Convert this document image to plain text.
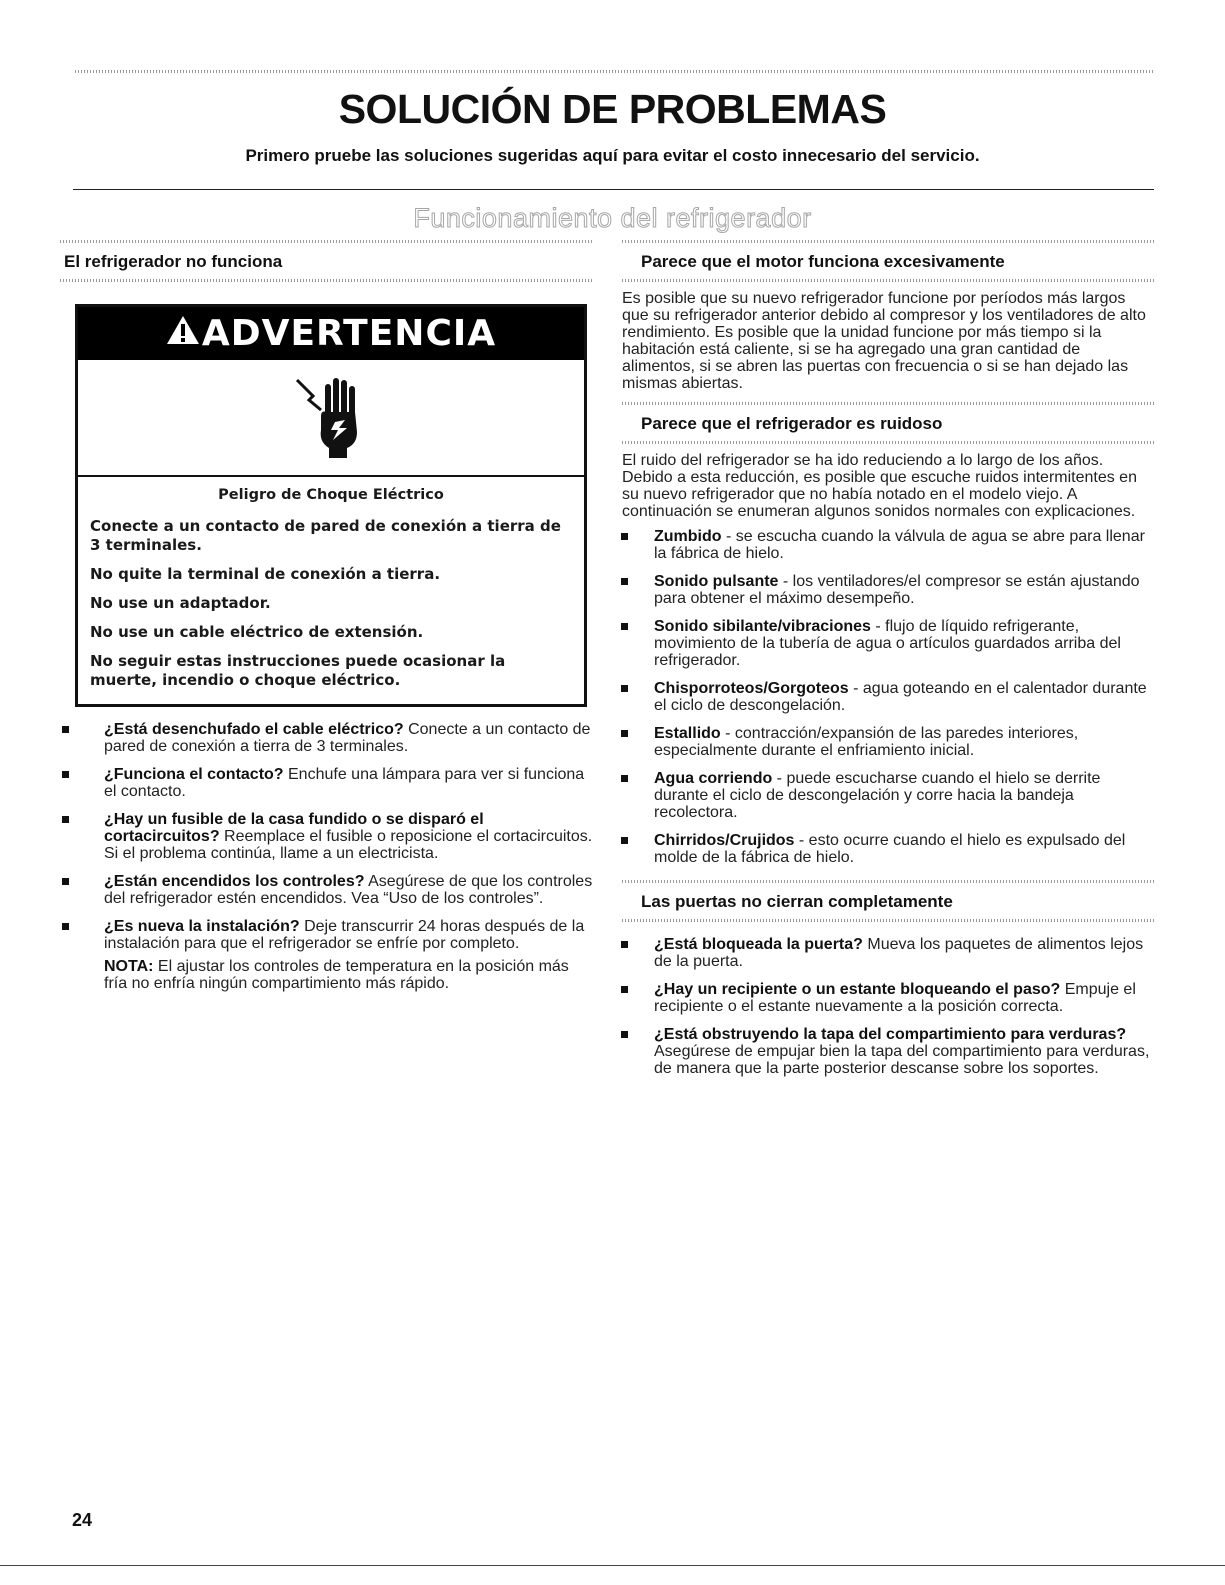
SOLUCIÓN DE PROBLEMAS
Primero pruebe las soluciones sugeridas aquí para evitar el costo innecesario del servicio.
Funcionamiento del refrigerador
El refrigerador no funciona
ADVERTENCIA
Peligro de Choque Eléctrico
Conecte a un contacto de pared de conexión a tierra de 3 terminales.
No quite la terminal de conexión a tierra.
No use un adaptador.
No use un cable eléctrico de extensión.
No seguir estas instrucciones puede ocasionar la muerte, incendio o choque eléctrico.
¿Está desenchufado el cable eléctrico? Conecte a un contacto de pared de conexión a tierra de 3 terminales.
¿Funciona el contacto? Enchufe una lámpara para ver si funciona el contacto.
¿Hay un fusible de la casa fundido o se disparó el cortacircuitos? Reemplace el fusible o reposicione el cortacircuitos. Si el problema continúa, llame a un electricista.
¿Están encendidos los controles? Asegúrese de que los controles del refrigerador estén encendidos. Vea “Uso de los controles”.
¿Es nueva la instalación? Deje transcurrir 24 horas después de la instalación para que el refrigerador se enfríe por completo.
NOTA: El ajustar los controles de temperatura en la posición más fría no enfría ningún compartimiento más rápido.
Parece que el motor funciona excesivamente
Es posible que su nuevo refrigerador funcione por períodos más largos que su refrigerador anterior debido al compresor y los ventiladores de alto rendimiento. Es posible que la unidad funcione por más tiempo si la habitación está caliente, si se ha agregado una gran cantidad de alimentos, si se abren las puertas con frecuencia o si se han dejado las mismas abiertas.
Parece que el refrigerador es ruidoso
El ruido del refrigerador se ha ido reduciendo a lo largo de los años. Debido a esta reducción, es posible que escuche ruidos intermitentes en su nuevo refrigerador que no había notado en el modelo viejo. A continuación se enumeran algunos sonidos normales con explicaciones.
Zumbido - se escucha cuando la válvula de agua se abre para llenar la fábrica de hielo.
Sonido pulsante - los ventiladores/el compresor se están ajustando para obtener el máximo desempeño.
Sonido sibilante/vibraciones - flujo de líquido refrigerante, movimiento de la tubería de agua o artículos guardados arriba del refrigerador.
Chisporroteos/Gorgoteos - agua goteando en el calentador durante el ciclo de descongelación.
Estallido - contracción/expansión de las paredes interiores, especialmente durante el enfriamiento inicial.
Agua corriendo - puede escucharse cuando el hielo se derrite durante el ciclo de descongelación y corre hacia la bandeja recolectora.
Chirridos/Crujidos - esto ocurre cuando el hielo es expulsado del molde de la fábrica de hielo.
Las puertas no cierran completamente
¿Está bloqueada la puerta? Mueva los paquetes de alimentos lejos de la puerta.
¿Hay un recipiente o un estante bloqueando el paso? Empuje el recipiente o el estante nuevamente a la posición correcta.
¿Está obstruyendo la tapa del compartimiento para verduras? Asegúrese de empujar bien la tapa del compartimiento para verduras, de manera que la parte posterior descanse sobre los soportes.
24
